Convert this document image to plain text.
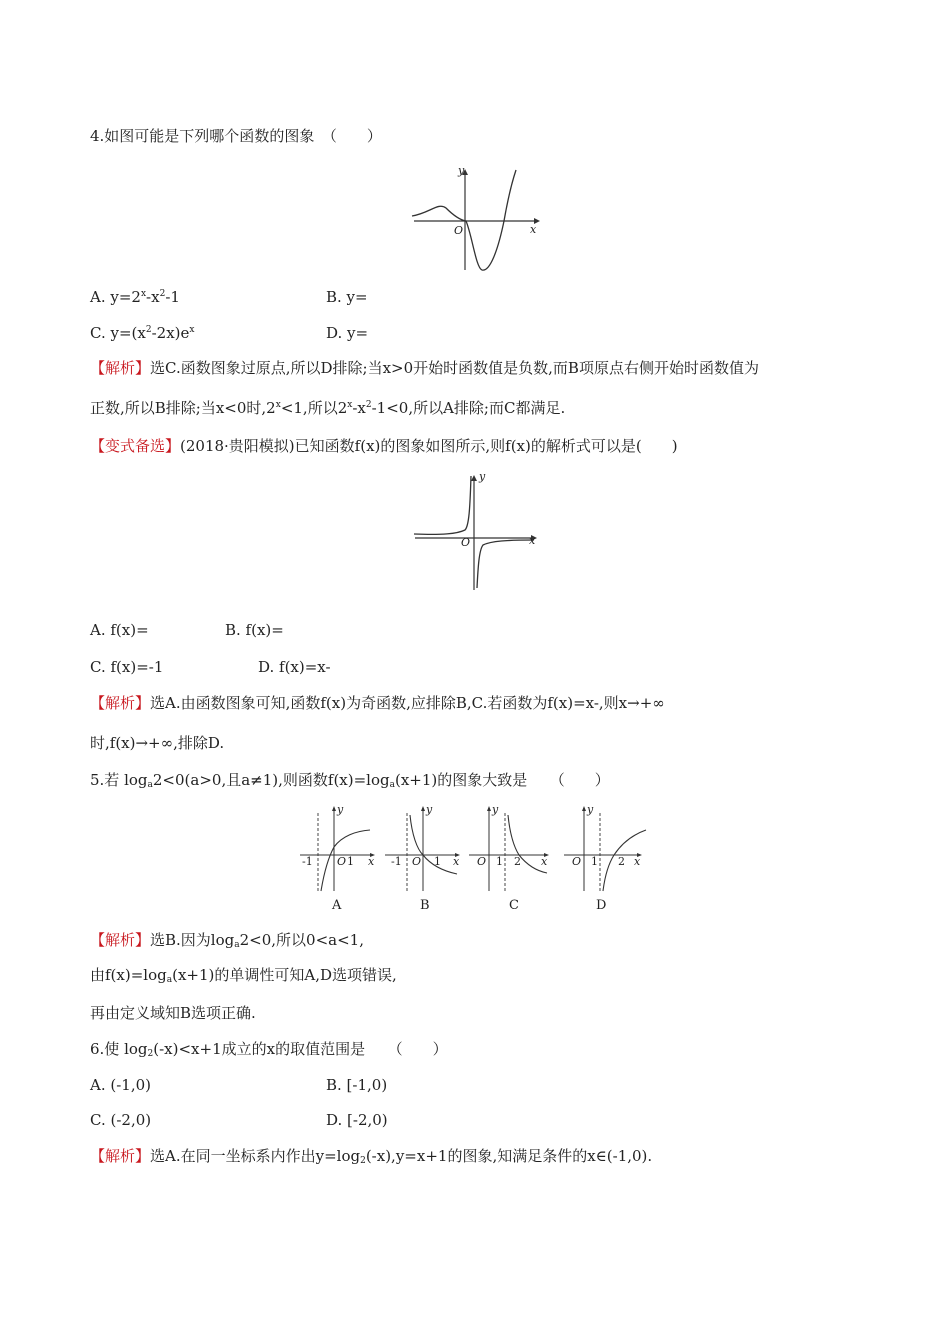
4.如图可能是下列哪个函数的图象　（　　）
y
x
O
A. $y=2^x-x^2-1$	B. y=
C. $y=(x^2-2x)e^x$	D. y=
【解析】选C.函数图象过原点,所以D排除;当x>0开始时函数值是负数,而B项原点右侧开始时函数值为
正数,所以B排除;当x<0时$,2^x<1$,所以$2^x-x^2-1<0$,所以A排除;而C都满足.
【变式备选】(2018·贵阳模拟)已知函数f(x)的图象如图所示,则f(x)的解析式可以是(　　)
y
x
O
A. f(x)=	B. f(x)=
C. f(x)=-1	D. f(x)=x-
【解析】选A.由函数图象可知,函数f(x)为奇函数,应排除B,C.若函数为f(x)=x-,则x→+∞
时,f(x)→+∞,排除D.
5.若 $\log_a2<0(a>0$,且a≠1),则函数$f(x)=\log_a(x+1)$的图象大致是　　（　　）
y
x
-1 O 1
A
y
x
-1 O 1
B
y
x
O 1 2
C
y
x
O 1 2
D
【解析】选B.因为$\log_a2<0$,所以0<a<1,
由$f(x)=\log_a(x+1)$的单调性可知A,D选项错误,
再由定义域知B选项正确.
6.使 $\log_2(-x)<x+1$成立的x的取值范围是　　（　　）
A. (-1,0)	B. [-1,0)
C. (-2,0)	D. [-2,0)
【解析】选A.在同一坐标系内作出$y=\log_2(-x),y=x+1$的图象,知满足条件的x∈(-1,0).
